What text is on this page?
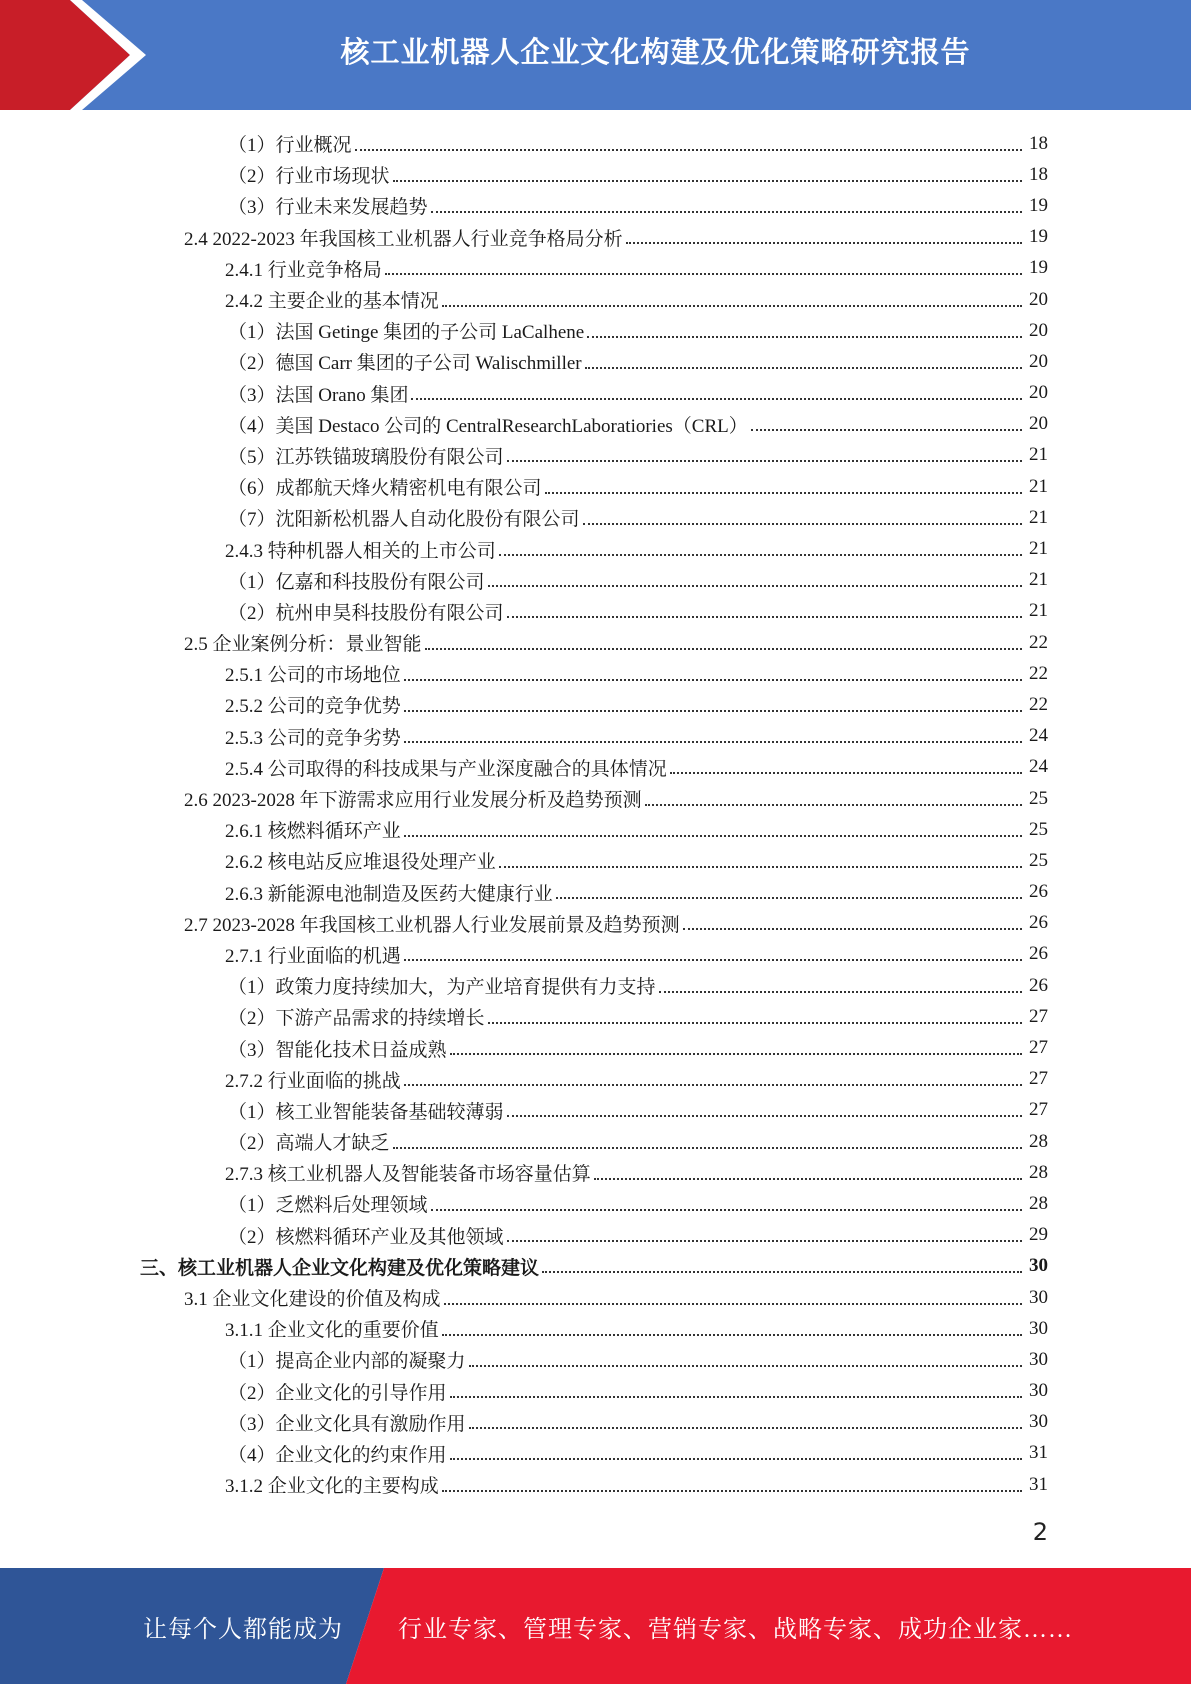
核工业机器人企业文化构建及优化策略研究报告
（1）行业概况	18
（2）行业市场现状	18
（3）行业未来发展趋势	19
2.4 2022-2023 年我国核工业机器人行业竞争格局分析	19
2.4.1 行业竞争格局	19
2.4.2 主要企业的基本情况	20
（1）法国 Getinge 集团的子公司 LaCalhene	20
（2）德国 Carr 集团的子公司 Walischmiller	20
（3）法国 Orano 集团	20
（4）美国 Destaco 公司的 CentralResearchLaboratiories（CRL）	20
（5）江苏铁锚玻璃股份有限公司	21
（6）成都航天烽火精密机电有限公司	21
（7）沈阳新松机器人自动化股份有限公司	21
2.4.3 特种机器人相关的上市公司	21
（1）亿嘉和科技股份有限公司	21
（2）杭州申昊科技股份有限公司	21
2.5 企业案例分析：景业智能	22
2.5.1 公司的市场地位	22
2.5.2 公司的竞争优势	22
2.5.3 公司的竞争劣势	24
2.5.4 公司取得的科技成果与产业深度融合的具体情况	24
2.6 2023-2028 年下游需求应用行业发展分析及趋势预测	25
2.6.1 核燃料循环产业	25
2.6.2 核电站反应堆退役处理产业	25
2.6.3 新能源电池制造及医药大健康行业	26
2.7 2023-2028 年我国核工业机器人行业发展前景及趋势预测	26
2.7.1 行业面临的机遇	26
（1）政策力度持续加大，为产业培育提供有力支持	26
（2）下游产品需求的持续增长	27
（3）智能化技术日益成熟	27
2.7.2 行业面临的挑战	27
（1）核工业智能装备基础较薄弱	27
（2）高端人才缺乏	28
2.7.3 核工业机器人及智能装备市场容量估算	28
（1）乏燃料后处理领域	28
（2）核燃料循环产业及其他领域	29
三、核工业机器人企业文化构建及优化策略建议	30
3.1 企业文化建设的价值及构成	30
3.1.1 企业文化的重要价值	30
（1）提高企业内部的凝聚力	30
（2）企业文化的引导作用	30
（3）企业文化具有激励作用	30
（4）企业文化的约束作用	31
3.1.2 企业文化的主要构成	31
2
让每个人都能成为 行业专家、管理专家、营销专家、战略专家、成功企业家……
